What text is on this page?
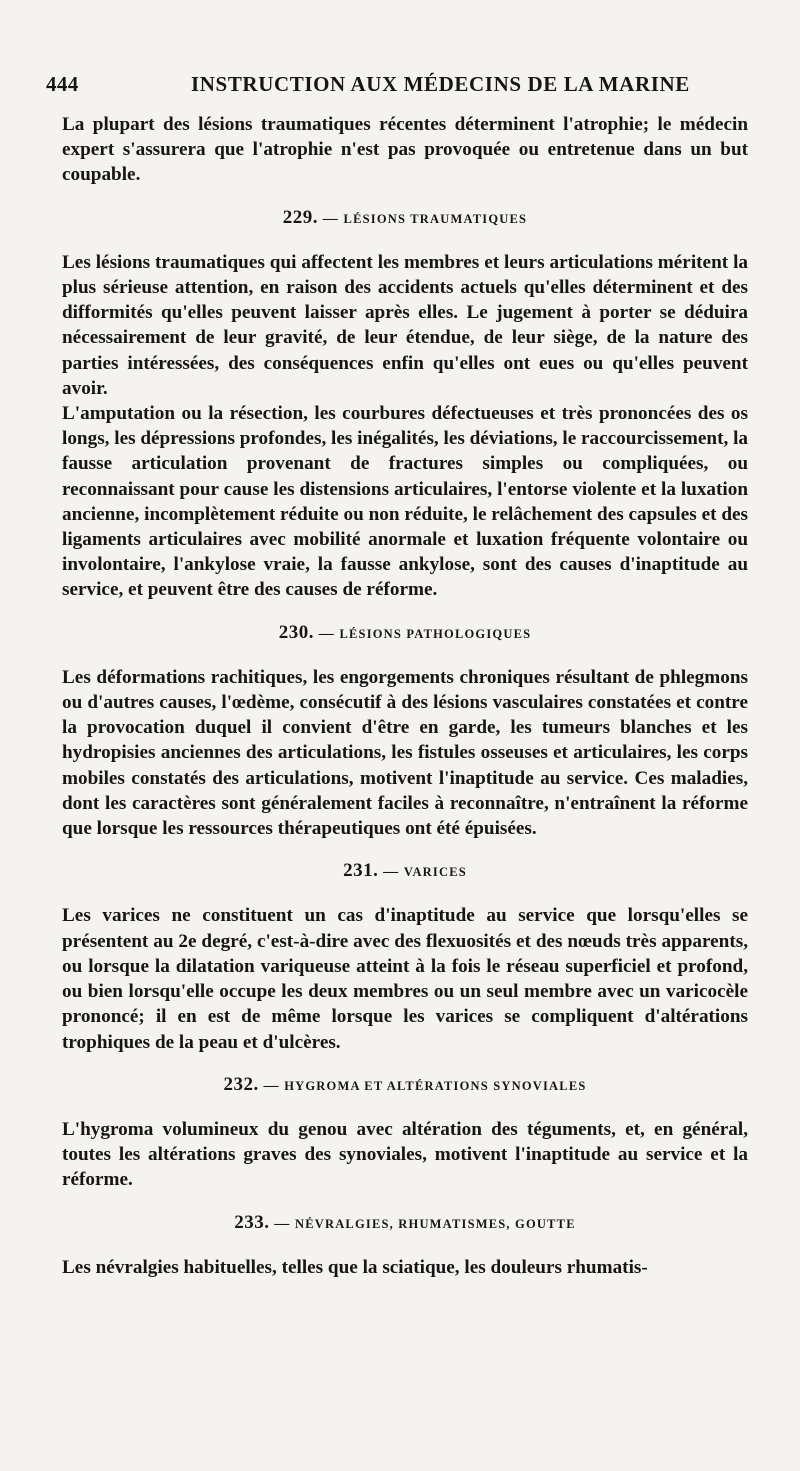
444	INSTRUCTION AUX MÉDECINS DE LA MARINE

La plupart des lésions traumatiques récentes déterminent l'atrophie; le médecin expert s'assurera que l'atrophie n'est pas provoquée ou entretenue dans un but coupable.

229. — LÉSIONS TRAUMATIQUES

Les lésions traumatiques qui affectent les membres et leurs articulations méritent la plus sérieuse attention, en raison des accidents actuels qu'elles déterminent et des difformités qu'elles peuvent laisser après elles. Le jugement à porter se déduira nécessairement de leur gravité, de leur étendue, de leur siège, de la nature des parties intéressées, des conséquences enfin qu'elles ont eues ou qu'elles peuvent avoir.

L'amputation ou la résection, les courbures défectueuses et très prononcées des os longs, les dépressions profondes, les inégalités, les déviations, le raccourcissement, la fausse articulation provenant de fractures simples ou compliquées, ou reconnaissant pour cause les distensions articulaires, l'entorse violente et la luxation ancienne, incomplètement réduite ou non réduite, le relâchement des capsules et des ligaments articulaires avec mobilité anormale et luxation fréquente volontaire ou involontaire, l'ankylose vraie, la fausse ankylose, sont des causes d'inaptitude au service, et peuvent être des causes de réforme.

230. — LÉSIONS PATHOLOGIQUES

Les déformations rachitiques, les engorgements chroniques résultant de phlegmons ou d'autres causes, l'œdème, consécutif à des lésions vasculaires constatées et contre la provocation duquel il convient d'être en garde, les tumeurs blanches et les hydropisies anciennes des articulations, les fistules osseuses et articulaires, les corps mobiles constatés des articulations, motivent l'inaptitude au service. Ces maladies, dont les caractères sont généralement faciles à reconnaître, n'entraînent la réforme que lorsque les ressources thérapeutiques ont été épuisées.

231. — VARICES

Les varices ne constituent un cas d'inaptitude au service que lorsqu'elles se présentent au 2e degré, c'est-à-dire avec des flexuosités et des nœuds très apparents, ou lorsque la dilatation variqueuse atteint à la fois le réseau superficiel et profond, ou bien lorsqu'elle occupe les deux membres ou un seul membre avec un varicocèle prononcé; il en est de même lorsque les varices se compliquent d'altérations trophiques de la peau et d'ulcères.

232. — HYGROMA ET ALTÉRATIONS SYNOVIALES

L'hygroma volumineux du genou avec altération des téguments, et, en général, toutes les altérations graves des synoviales, motivent l'inaptitude au service et la réforme.

233. — NÉVRALGIES, RHUMATISMES, GOUTTE

Les névralgies habituelles, telles que la sciatique, les douleurs rhumatis-
